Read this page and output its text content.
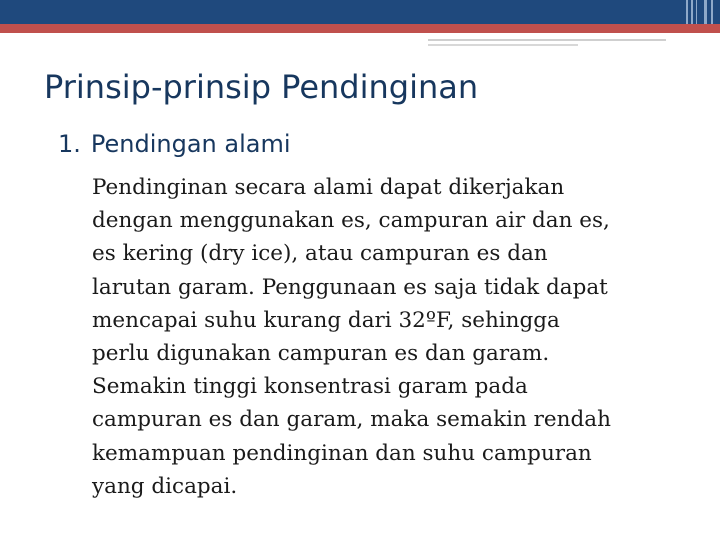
Prinsip-prinsip Pendinginan
1. Pendingan alami
Pendinginan secara alami dapat dikerjakan
dengan menggunakan es, campuran air dan es,
es kering (dry ice), atau campuran es dan
larutan garam. Penggunaan es saja tidak dapat
mencapai suhu kurang dari 32ºF, sehingga
perlu digunakan campuran es dan garam.
Semakin tinggi konsentrasi garam pada
campuran es dan garam, maka semakin rendah
kemampuan pendinginan dan suhu campuran
yang dicapai.
